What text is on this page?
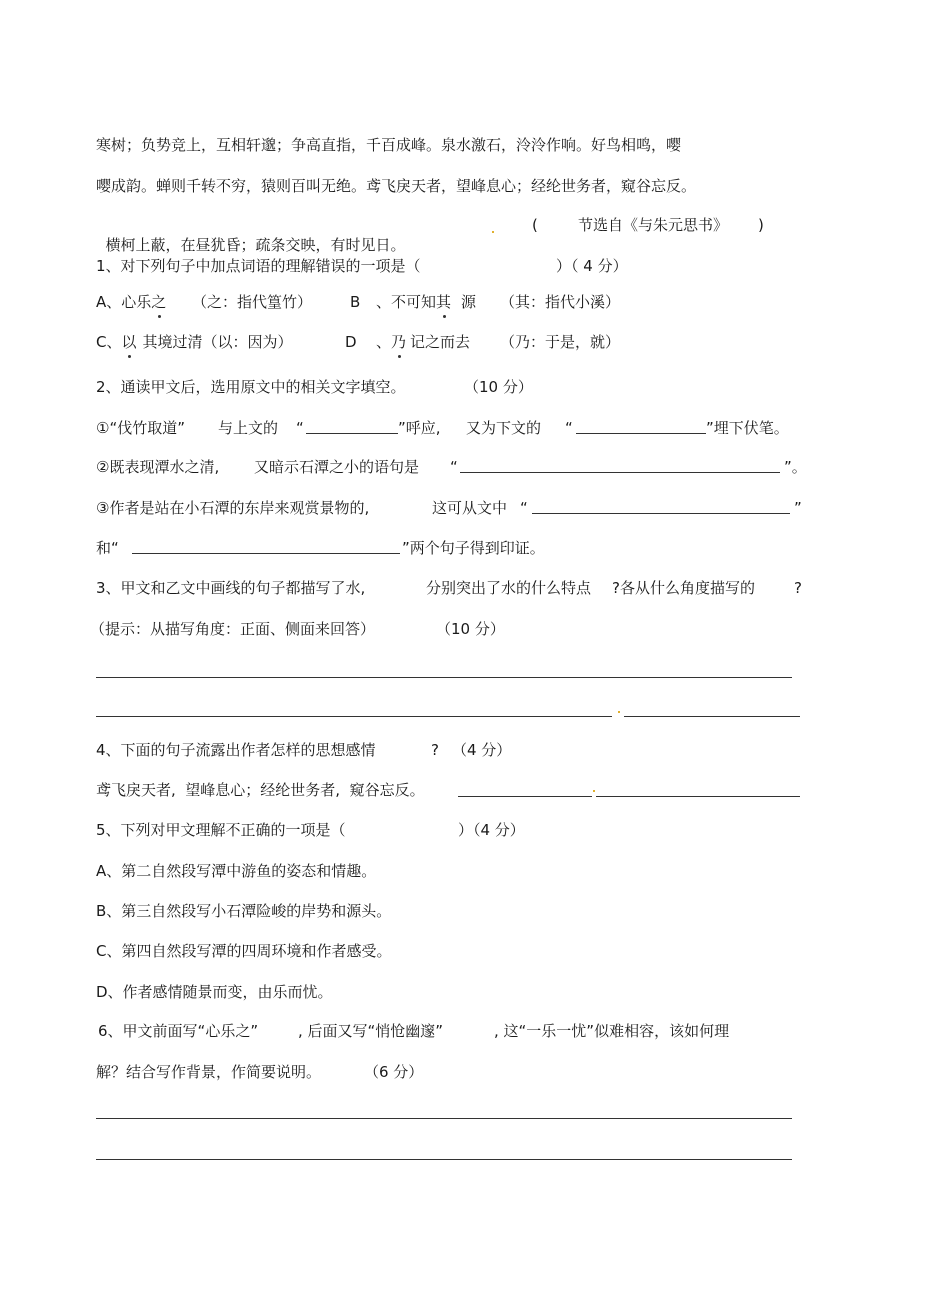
寒树；负势竞上，互相轩邈；争高直指，千百成峰。泉水激石，泠泠作响。好鸟相鸣，嘤
嘤成韵。蝉则千转不穷，猿则百叫无绝。鸢飞戾天者，望峰息心；经纶世务者，窥谷忘反。

横柯上蔽，在昼犹昏；疏条交映，有时见日。

(	节选自《与朱元思书》 )
1、对下列句子中加点词语的理解错误的一项是（	）（ 4 分）
A、心乐之 （之：指代篁竹）	B 、不可知其 源 （其：指代小溪）
C、以 其境过清（以：因为）	D 、乃 记之而去 （乃：于是，就）
2、通读甲文后，选用原文中的相关文字填空。	（10 分）
①“伐竹取道” 与上文的 “	”呼应, 又为下文的 “	”埋下伏笔。
②既表现潭水之清, 又暗示石潭之小的语句是 “	”。
③作者是站在小石潭的东岸来观赏景物的,	这可从文中 “	”
和“	”两个句子得到印证。
3、甲文和乙文中画线的句子都描写了水,	分别突出了水的什么特点 ?各从什么角度描写的	?
（提示：从描写角度：正面、侧面来回答）	（10 分）
4、下面的句子流露出作者怎样的思想感情	? （4 分）
鸢飞戾天者,  望峰息心；经纶世务者,  窥谷忘反。
5、下列对甲文理解不正确的一项是（	）（4 分）
A、第二自然段写潭中游鱼的姿态和情趣。
B、第三自然段写小石潭险峻的岸势和源头。
C、第四自然段写潭的四周环境和作者感受。
D、作者感情随景而变，由乐而忧。
6、甲文前面写“心乐之”	, 后面又写“悄怆幽邃”	, 这“一乐一忧”似难相容，该如何理
解？结合写作背景，作简要说明。	（6 分）
